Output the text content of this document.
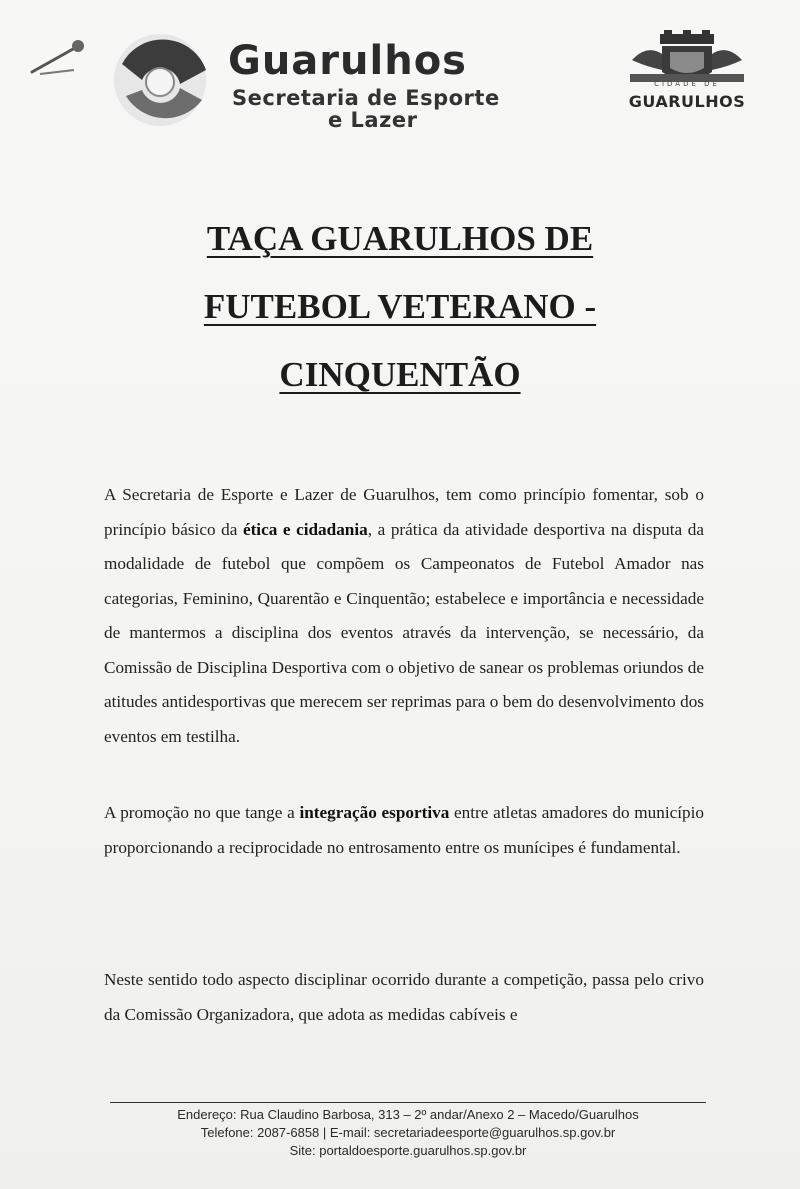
Guarulhos
Secretaria de Esporte
e Lazer
CIDADE DE
GUARULHOS
TAÇA GUARULHOS DE
FUTEBOL VETERANO -
CINQUENTÃO
A Secretaria de Esporte e Lazer de Guarulhos, tem como princípio fomentar, sob o princípio básico da ética e cidadania, a prática da atividade desportiva na disputa da modalidade de futebol que compõem os Campeonatos de Futebol Amador nas categorias, Feminino, Quarentão e Cinquentão; estabelece e importância e necessidade de mantermos a disciplina dos eventos através da intervenção, se necessário, da Comissão de Disciplina Desportiva com o objetivo de sanear os problemas oriundos de atitudes antidesportivas que merecem ser reprimas para o bem do desenvolvimento dos eventos em testilha.
A promoção no que tange a integração esportiva entre atletas amadores do município proporcionando a reciprocidade no entrosamento entre os munícipes é fundamental.
Neste sentido todo aspecto disciplinar ocorrido durante a competição, passa pelo crivo da Comissão Organizadora, que adota as medidas cabíveis e
Endereço: Rua Claudino Barbosa, 313 – 2º andar/Anexo 2 – Macedo/Guarulhos
Telefone: 2087-6858 | E-mail: secretariadeesporte@guarulhos.sp.gov.br
Site: portaldoesporte.guarulhos.sp.gov.br
